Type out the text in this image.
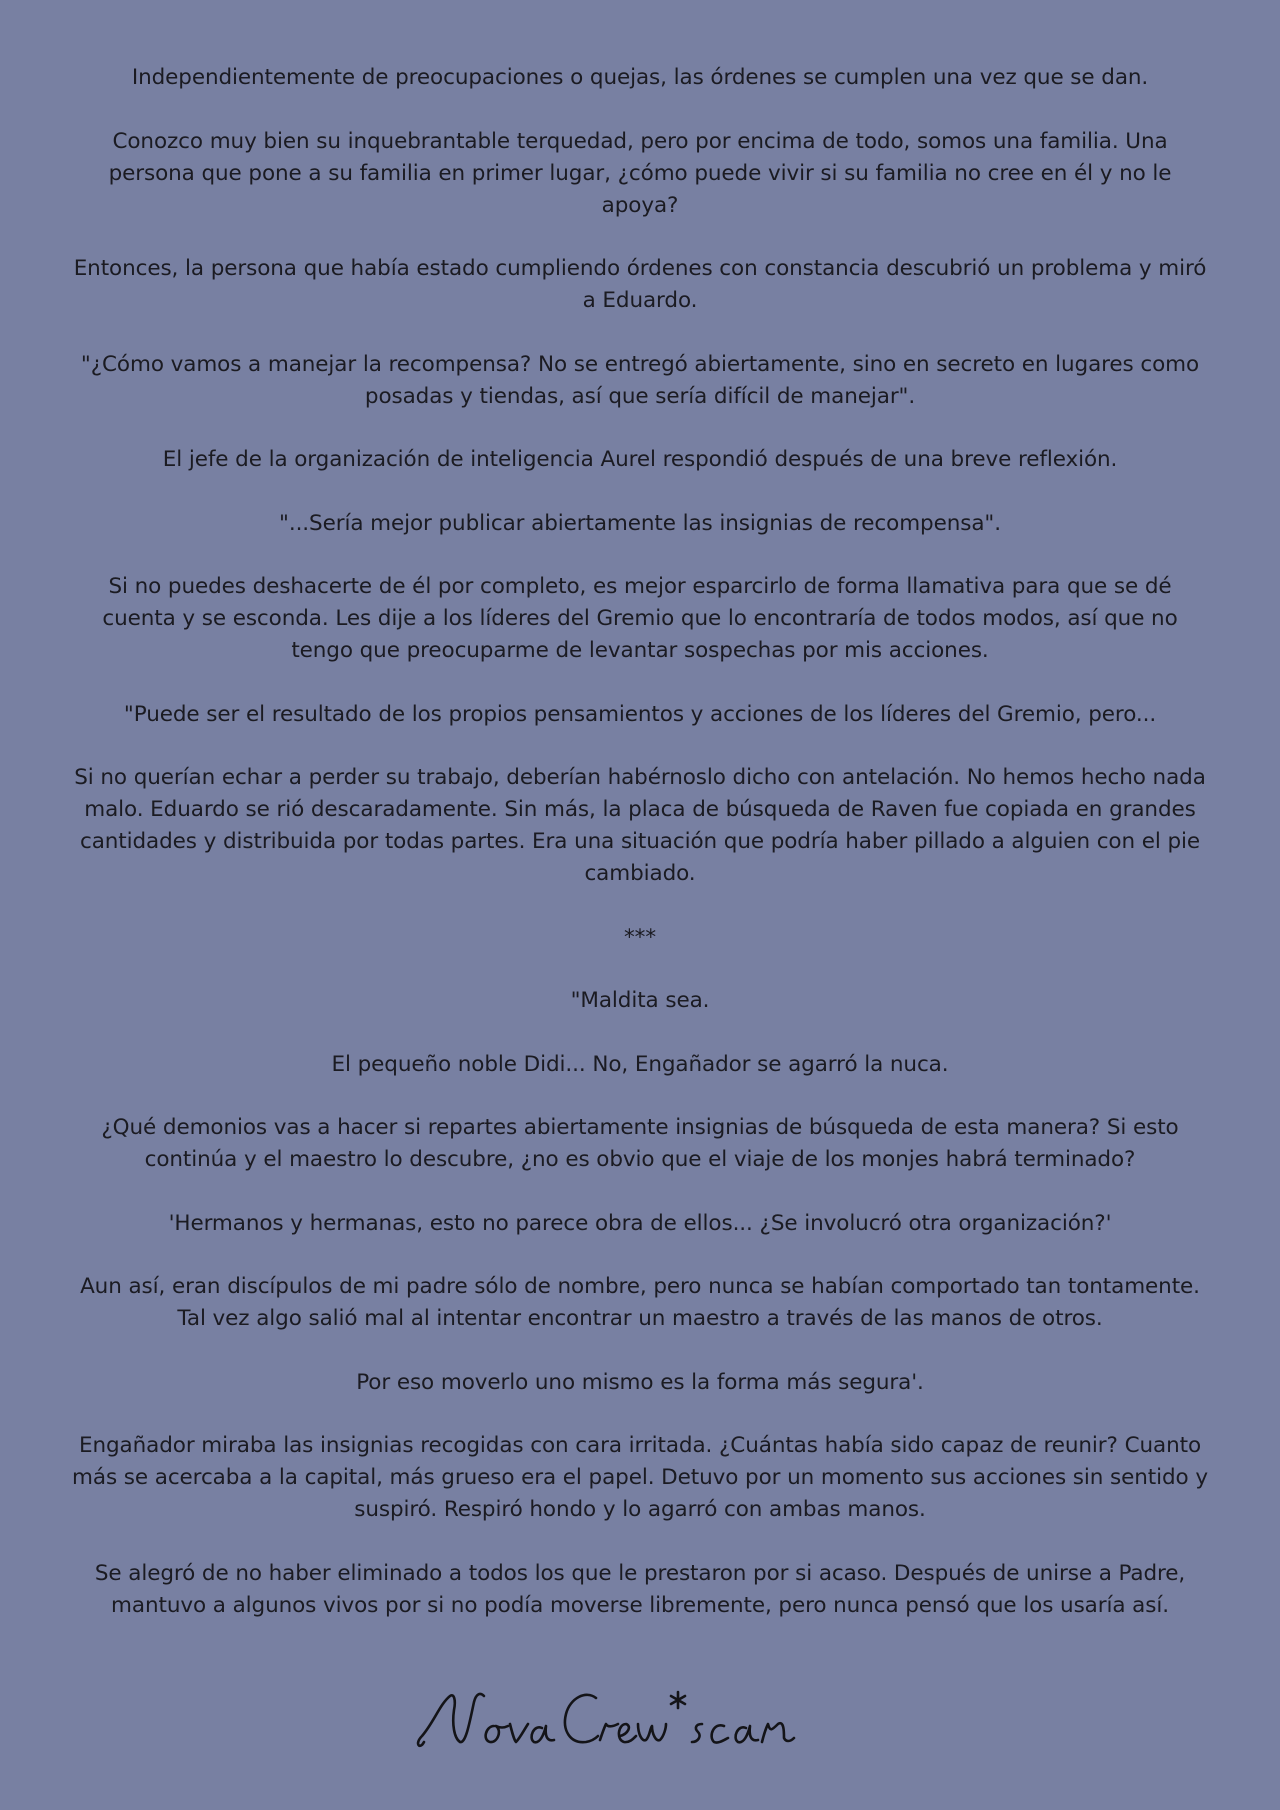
Independientemente de preocupaciones o quejas, las órdenes se cumplen una vez que se dan.

Conozco muy bien su inquebrantable terquedad, pero por encima de todo, somos una familia. Una persona que pone a su familia en primer lugar, ¿cómo puede vivir si su familia no cree en él y no le apoya?

Entonces, la persona que había estado cumpliendo órdenes con constancia descubrió un problema y miró a Eduardo.

"¿Cómo vamos a manejar la recompensa? No se entregó abiertamente, sino en secreto en lugares como posadas y tiendas, así que sería difícil de manejar".

El jefe de la organización de inteligencia Aurel respondió después de una breve reflexión.

"...Sería mejor publicar abiertamente las insignias de recompensa".

Si no puedes deshacerte de él por completo, es mejor esparcirlo de forma llamativa para que se dé cuenta y se esconda. Les dije a los líderes del Gremio que lo encontraría de todos modos, así que no tengo que preocuparme de levantar sospechas por mis acciones.

"Puede ser el resultado de los propios pensamientos y acciones de los líderes del Gremio, pero...

Si no querían echar a perder su trabajo, deberían habérnoslo dicho con antelación. No hemos hecho nada malo. Eduardo se rió descaradamente. Sin más, la placa de búsqueda de Raven fue copiada en grandes cantidades y distribuida por todas partes. Era una situación que podría haber pillado a alguien con el pie cambiado.

***

"Maldita sea.

El pequeño noble Didi... No, Engañador se agarró la nuca.

¿Qué demonios vas a hacer si repartes abiertamente insignias de búsqueda de esta manera? Si esto continúa y el maestro lo descubre, ¿no es obvio que el viaje de los monjes habrá terminado?

'Hermanos y hermanas, esto no parece obra de ellos... ¿Se involucró otra organización?'

Aun así, eran discípulos de mi padre sólo de nombre, pero nunca se habían comportado tan tontamente. Tal vez algo salió mal al intentar encontrar un maestro a través de las manos de otros.

Por eso moverlo uno mismo es la forma más segura'.

Engañador miraba las insignias recogidas con cara irritada. ¿Cuántas había sido capaz de reunir? Cuanto más se acercaba a la capital, más grueso era el papel. Detuvo por un momento sus acciones sin sentido y suspiró. Respiró hondo y lo agarró con ambas manos.

Se alegró de no haber eliminado a todos los que le prestaron por si acaso. Después de unirse a Padre, mantuvo a algunos vivos por si no podía moverse libremente, pero nunca pensó que los usaría así.
